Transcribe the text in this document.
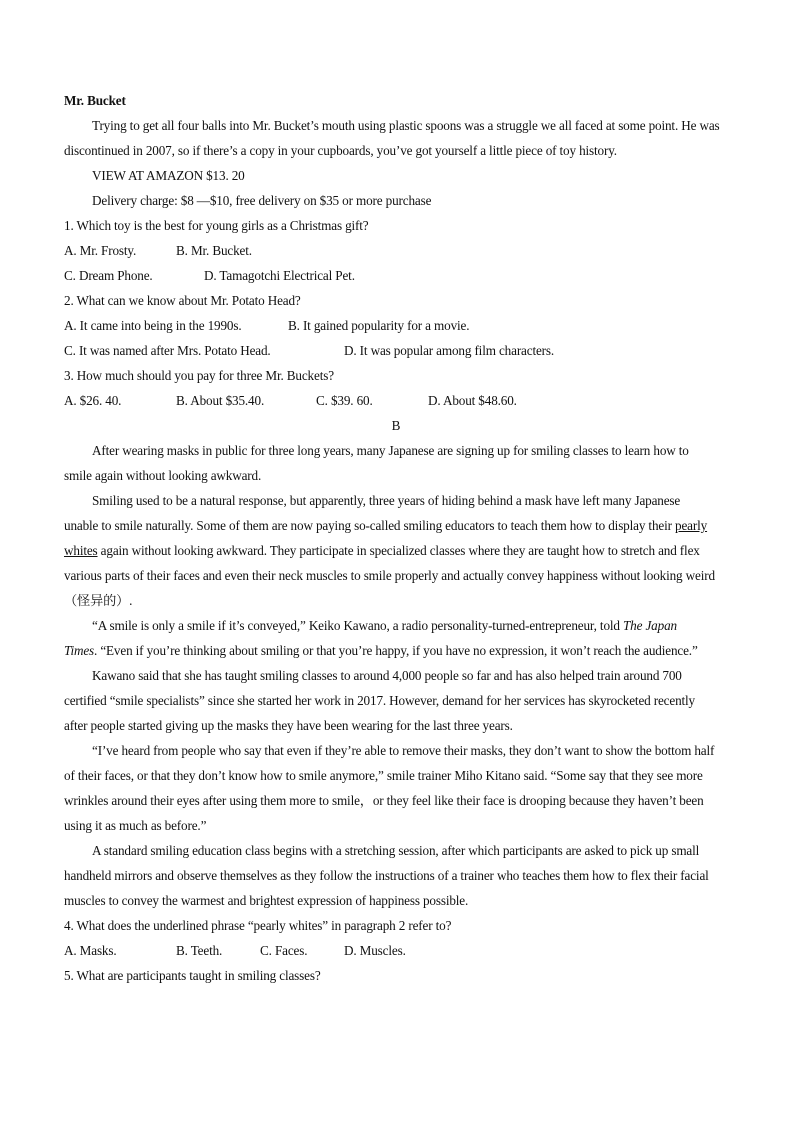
Mr. Bucket
Trying to get all four balls into Mr. Bucket’s mouth using plastic spoons was a struggle we all faced at some point. He was discontinued in 2007, so if there’s a copy in your cupboards, you’ve got yourself a little piece of toy history.
VIEW AT AMAZON $13. 20
Delivery charge: $8 —$10, free delivery on $35 or more purchase
1. Which toy is the best for young girls as a Christmas gift?
A. Mr. Frosty.	B. Mr. Bucket.
C. Dream Phone.	D. Tamagotchi Electrical Pet.
2. What can we know about Mr. Potato Head?
A. It came into being in the 1990s.	B. It gained popularity for a movie.
C. It was named after Mrs. Potato Head.	D. It was popular among film characters.
3. How much should you pay for three Mr. Buckets?
A. $26. 40.	B. About $35.40.	C. $39. 60.	D. About $48.60.
B
After wearing masks in public for three long years, many Japanese are signing up for smiling classes to learn how to smile again without looking awkward.
Smiling used to be a natural response, but apparently, three years of hiding behind a mask have left many Japanese unable to smile naturally. Some of them are now paying so-called smiling educators to teach them how to display their pearly whites again without looking awkward. They participate in specialized classes where they are taught how to stretch and flex various parts of their faces and even their neck muscles to smile properly and actually convey happiness without looking weird（怪异的）.
“A smile is only a smile if it’s conveyed,” Keiko Kawano, a radio personality-turned-entrepreneur, told The Japan Times. “Even if you’re thinking about smiling or that you’re happy, if you have no expression, it won’t reach the audience.”
Kawano said that she has taught smiling classes to around 4,000 people so far and has also helped train around 700 certified “smile specialists” since she started her work in 2017. However, demand for her services has skyrocketed recently after people started giving up the masks they have been wearing for the last three years.
“I’ve heard from people who say that even if they’re able to remove their masks, they don’t want to show the bottom half of their faces, or that they don’t know how to smile anymore,” smile trainer Miho Kitano said. “Some say that they see more wrinkles around their eyes after using them more to smile，or they feel like their face is drooping because they haven’t been using it as much as before.”
A standard smiling education class begins with a stretching session, after which participants are asked to pick up small handheld mirrors and observe themselves as they follow the instructions of a trainer who teaches them how to flex their facial muscles to convey the warmest and brightest expression of happiness possible.
4. What does the underlined phrase “pearly whites” in paragraph 2 refer to?
A. Masks.	B. Teeth.	C. Faces.	D. Muscles.
5. What are participants taught in smiling classes?
